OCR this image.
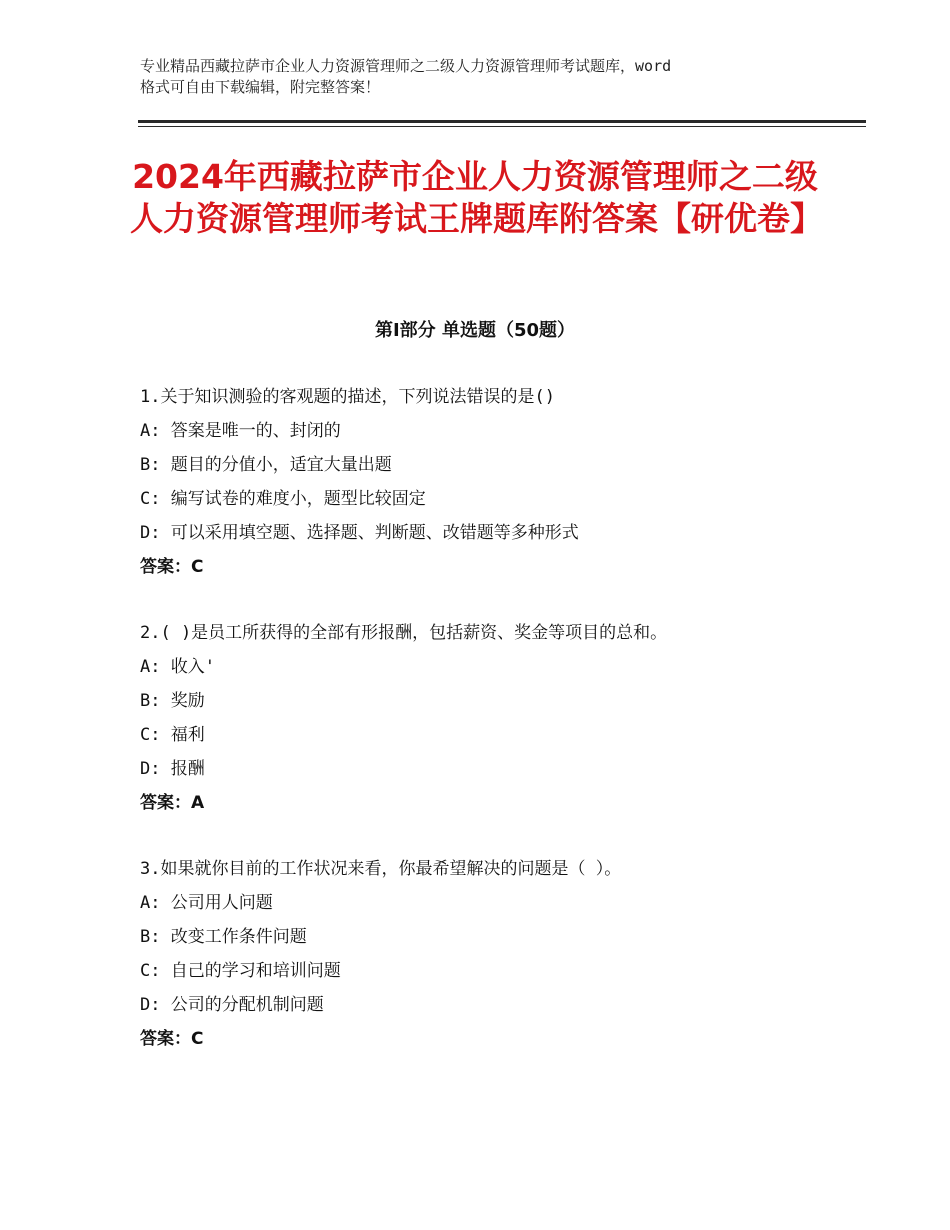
专业精品西藏拉萨市企业人力资源管理师之二级人力资源管理师考试题库，word
格式可自由下载编辑，附完整答案！
2024年西藏拉萨市企业人力资源管理师之二级人力资源管理师考试王牌题库附答案【研优卷】
第Ⅰ部分 单选题（50题）
1.关于知识测验的客观题的描述，下列说法错误的是()
A: 答案是唯一的、封闭的
B: 题目的分值小，适宜大量出题
C: 编写试卷的难度小，题型比较固定
D: 可以采用填空题、选择题、判断题、改错题等多种形式
答案：C
2.( )是员工所获得的全部有形报酬，包括薪资、奖金等项目的总和。
A: 收入'
B: 奖励
C: 福利
D: 报酬
答案：A
3.如果就你目前的工作状况来看，你最希望解决的问题是（ ）。
A: 公司用人问题
B: 改变工作条件问题
C: 自己的学习和培训问题
D: 公司的分配机制问题
答案：C
